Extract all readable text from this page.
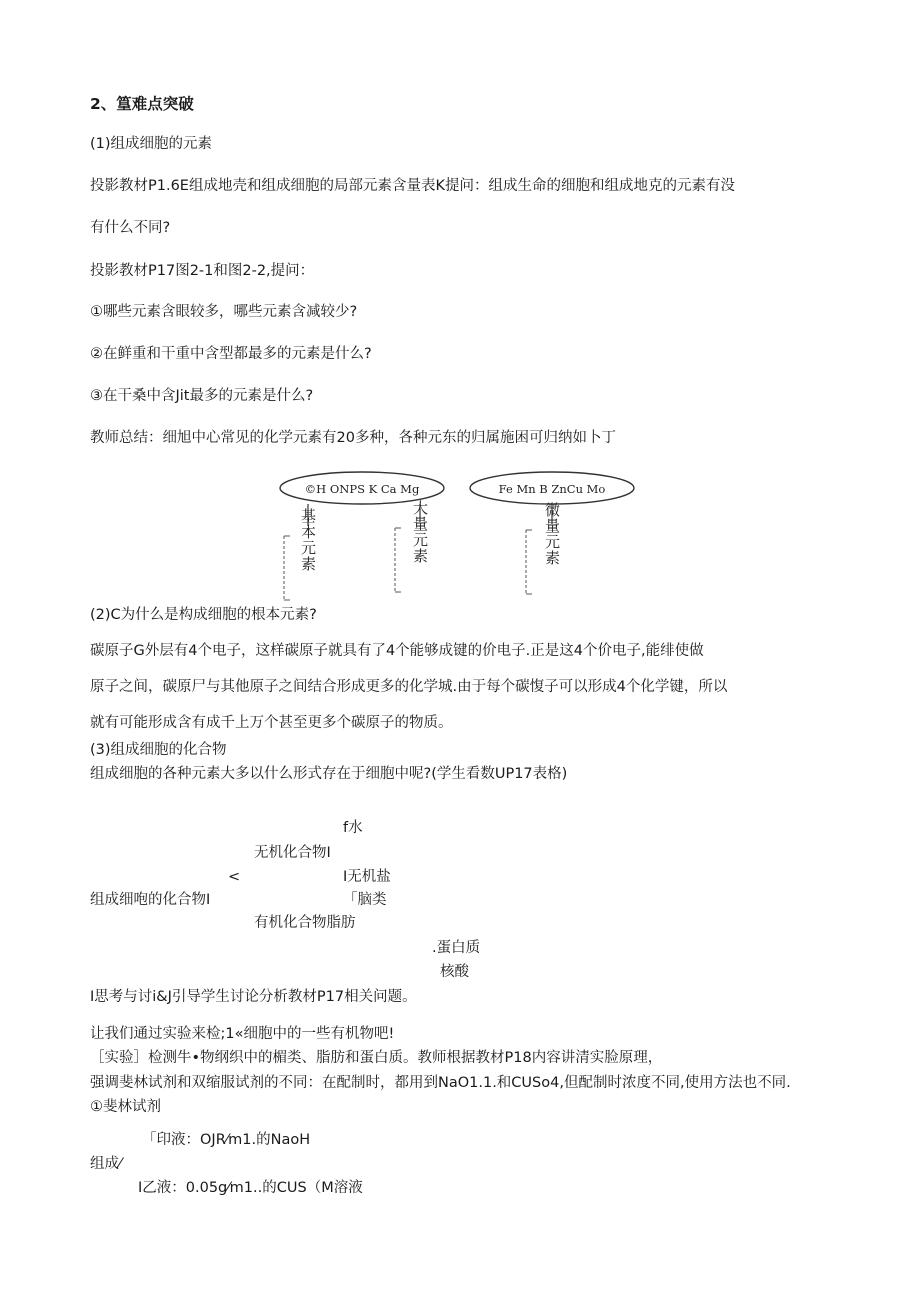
2、篁难点突破
(1)组成细胞的元素
投影教材P1.6E组成地壳和组成细胞的局部元素含量表K提问：组成生命的细胞和组成地克的元素有没
有什么不同?
投影教材P17图2-1和图2-2,提问：
①哪些元素含眼较多，哪些元素含减较少?
②在鲜重和干重中含型都最多的元素是什么?
③在干桑中含Jit最多的元素是什么?
教师总结：细旭中心常见的化学元素有20多种，各种元东的归属施困可归纳如卜丁
©H ONPS K Ca Mg	Fe Mn B ZnCu Mo
基本元素	大量元素	微量元素
(2)C为什么是构成细胞的根本元素?
碳原子G外层有4个电子，这样碳原子就具有了4个能够成键的价电子.正是这4个价电子,能绯使做
原子之间，碳原尸与其他原子之间结合形成更多的化学城.由于每个碳愎子可以形成4个化学键，所以
就有可能形成含有成千上万个甚至更多个碳原子的物质。
(3)组成细胞的化合物
组成细胞的各种元素大多以什么形式存在于细胞中呢?(学生看数UP17表格)
f水
无机化合物I
<	I无机盐
组成细咆的化合物I	「脑类
有机化合物脂肪
.蛋白质
核酸
I思考与讨i&J引导学生讨论分析教材P17相关问题。
让我们通过实验来检;1«细胞中的一些有机物吧!
［实验］检测牛•物纲织中的楣类、脂肪和蛋白质。教师根据教材P18内容讲清实脸原理，
强调斐林试剂和双缩服试剂的不同：在配制时，都用到NaO1.1.和CUSo4,但配制时浓度不同,使用方法也不同.
①斐林试剂
「印液：OJR⁄m1.的NaoH
组成⁄
I乙液：0.05g⁄m1..的CUS（M溶液
